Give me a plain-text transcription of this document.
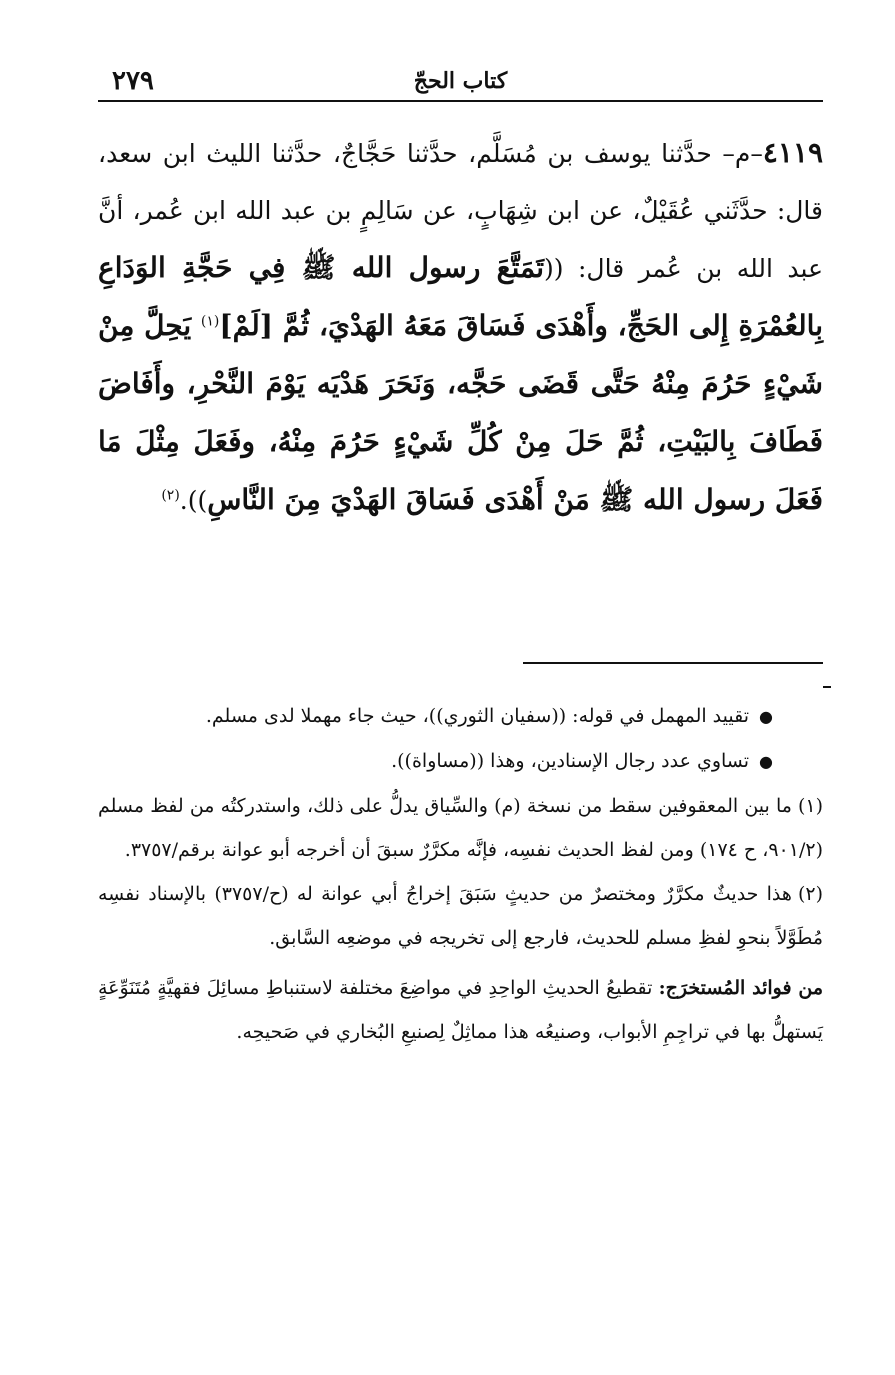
كتاب الحجّ
٢٧٩
٤١١٩–م– حدَّثنا يوسف بن مُسَلَّم، حدَّثنا حَجَّاجٌ، حدَّثنا الليث ابن سعد، قال: حدَّثَني عُقَيْلٌ، عن ابن شِهَابٍ، عن سَالِمٍ بن عبد الله ابن عُمر، أنَّ عبد الله بن عُمر قال: ((تَمَتَّعَ رسول الله ﷺ فِي حَجَّةِ الوَدَاعِ بِالعُمْرَةِ إِلى الحَجِّ، وأَهْدَى فَسَاقَ مَعَهُ الهَدْيَ، ثُمَّ [لَمْ]$^{(١)}$ يَحِلَّ مِنْ شَيْءٍ حَرُمَ مِنْهُ حَتَّى قَضَى حَجَّه، وَنَحَرَ هَدْيَه يَوْمَ النَّحْرِ، وأَفَاضَ فَطَافَ بِالبَيْتِ، ثُمَّ حَلَ مِنْ كُلِّ شَيْءٍ حَرُمَ مِنْهُ، وفَعَلَ مِثْلَ مَا فَعَلَ رسول الله ﷺ مَنْ أَهْدَى فَسَاقَ الهَدْيَ مِنَ النَّاسِ)).$^{(٢)}$
●تقييد المهمل في قوله: ((سفيان الثوري))، حيث جاء مهملا لدى مسلم.
●تساوي عدد رجال الإسنادين، وهذا ((مساواة)).

(١)ما بين المعقوفين سقط من نسخة (م) والسِّياق يدلُّ على ذلك، واستدركتُه من لفظ مسلم (٩٠١/٢، ح ١٧٤) ومن لفظ الحديث نفسِه، فإنَّه مكرَّرٌ سبقَ أن أخرجه أبو عوانة برقم/٣٧٥٧.

(٢)هذا حديثٌ مكرَّرٌ ومختصرٌ من حديثٍ سَبَقَ إخراجُ أبي عوانة له (ح/٣٧٥٧) بالإسناد نفسِه مُطَوَّلاً بنحوِ لفظِ مسلم للحديث، فارجع إلى تخريجه في موضعِه السَّابق.

من فوائد المُستخرَج: تقطيعُ الحديثِ الواحِدِ في مواضِعَ مختلفة لاستنباطِ مسائِلَ فقهيَّةٍ مُتَنَوِّعَةٍ يَستهلُّ بها في تراجِمِ الأبواب، وصنيعُه هذا مماثِلٌ لِصنيعِ البُخاري في صَحيحِه.
